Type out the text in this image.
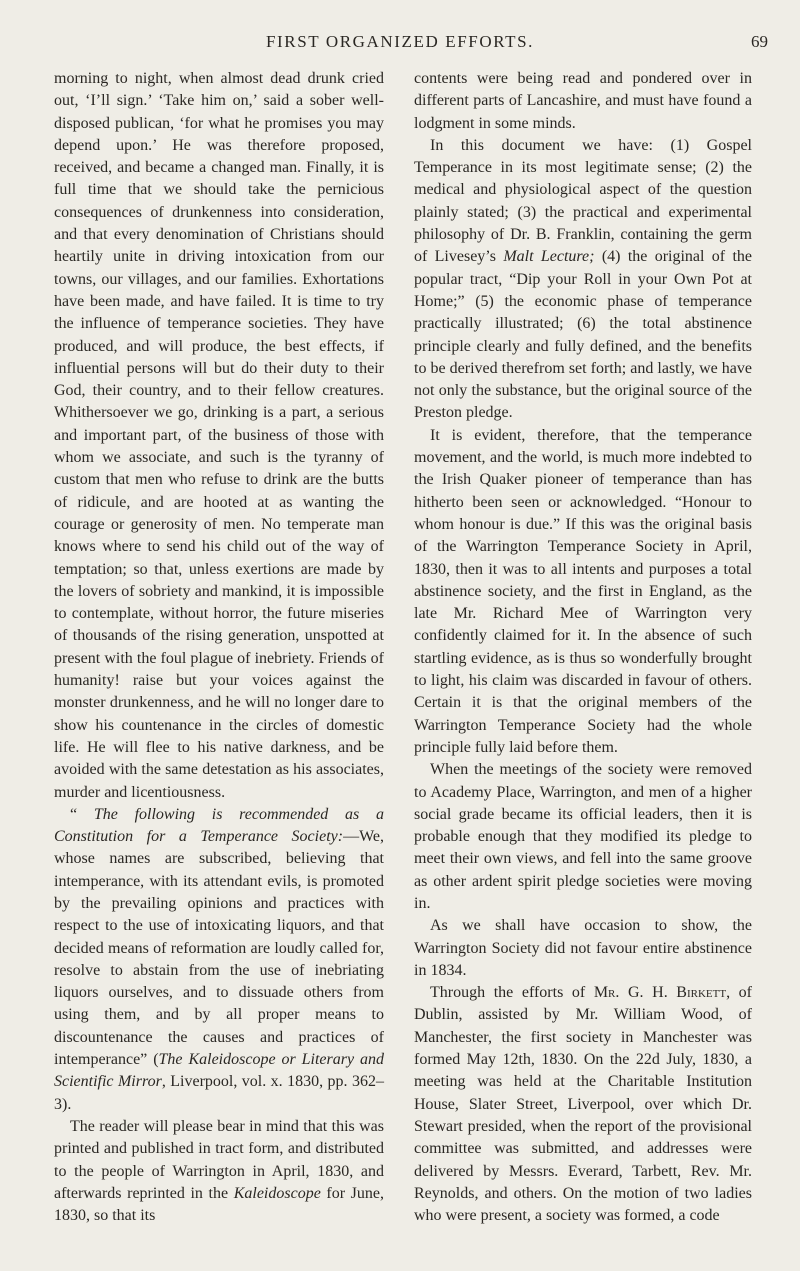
FIRST ORGANIZED EFFORTS.	69

morning to night, when almost dead drunk cried out, ‘I’ll sign.’ ‘Take him on,’ said a sober well-disposed publican, ‘for what he promises you may depend upon.’ He was therefore proposed, received, and became a changed man. Finally, it is full time that we should take the pernicious consequences of drunkenness into consideration, and that every denomination of Christians should heartily unite in driving intoxication from our towns, our villages, and our families. Exhortations have been made, and have failed. It is time to try the influence of temperance societies. They have produced, and will produce, the best effects, if influential persons will but do their duty to their God, their country, and to their fellow creatures. Whithersoever we go, drinking is a part, a serious and important part, of the business of those with whom we associate, and such is the tyranny of custom that men who refuse to drink are the butts of ridicule, and are hooted at as wanting the courage or generosity of men. No temperate man knows where to send his child out of the way of temptation; so that, unless exertions are made by the lovers of sobriety and mankind, it is impossible to contemplate, without horror, the future miseries of thousands of the rising generation, unspotted at present with the foul plague of inebriety. Friends of humanity! raise but your voices against the monster drunkenness, and he will no longer dare to show his countenance in the circles of domestic life. He will flee to his native darkness, and be avoided with the same detestation as his associates, murder and licentiousness.

“ The following is recommended as a Constitution for a Temperance Society:—We, whose names are subscribed, believing that intemperance, with its attendant evils, is promoted by the prevailing opinions and practices with respect to the use of intoxicating liquors, and that decided means of reformation are loudly called for, resolve to abstain from the use of inebriating liquors ourselves, and to dissuade others from using them, and by all proper means to discountenance the causes and practices of intemperance” (The Kaleidoscope or Literary and Scientific Mirror, Liverpool, vol. x. 1830, pp. 362–3).

The reader will please bear in mind that this was printed and published in tract form, and distributed to the people of Warrington in April, 1830, and afterwards reprinted in the Kaleidoscope for June, 1830, so that its

contents were being read and pondered over in different parts of Lancashire, and must have found a lodgment in some minds.

In this document we have: (1) Gospel Temperance in its most legitimate sense; (2) the medical and physiological aspect of the question plainly stated; (3) the practical and experimental philosophy of Dr. B. Franklin, containing the germ of Livesey’s Malt Lecture; (4) the original of the popular tract, “Dip your Roll in your Own Pot at Home;” (5) the economic phase of temperance practically illustrated; (6) the total abstinence principle clearly and fully defined, and the benefits to be derived therefrom set forth; and lastly, we have not only the substance, but the original source of the Preston pledge.

It is evident, therefore, that the temperance movement, and the world, is much more indebted to the Irish Quaker pioneer of temperance than has hitherto been seen or acknowledged. “Honour to whom honour is due.” If this was the original basis of the Warrington Temperance Society in April, 1830, then it was to all intents and purposes a total abstinence society, and the first in England, as the late Mr. Richard Mee of Warrington very confidently claimed for it. In the absence of such startling evidence, as is thus so wonderfully brought to light, his claim was discarded in favour of others. Certain it is that the original members of the Warrington Temperance Society had the whole principle fully laid before them.

When the meetings of the society were removed to Academy Place, Warrington, and men of a higher social grade became its official leaders, then it is probable enough that they modified its pledge to meet their own views, and fell into the same groove as other ardent spirit pledge societies were moving in.

As we shall have occasion to show, the Warrington Society did not favour entire abstinence in 1834.

Through the efforts of Mr. G. H. Birkett, of Dublin, assisted by Mr. William Wood, of Manchester, the first society in Manchester was formed May 12th, 1830. On the 22d July, 1830, a meeting was held at the Charitable Institution House, Slater Street, Liverpool, over which Dr. Stewart presided, when the report of the provisional committee was submitted, and addresses were delivered by Messrs. Everard, Tarbett, Rev. Mr. Reynolds, and others. On the motion of two ladies who were present, a society was formed, a code
